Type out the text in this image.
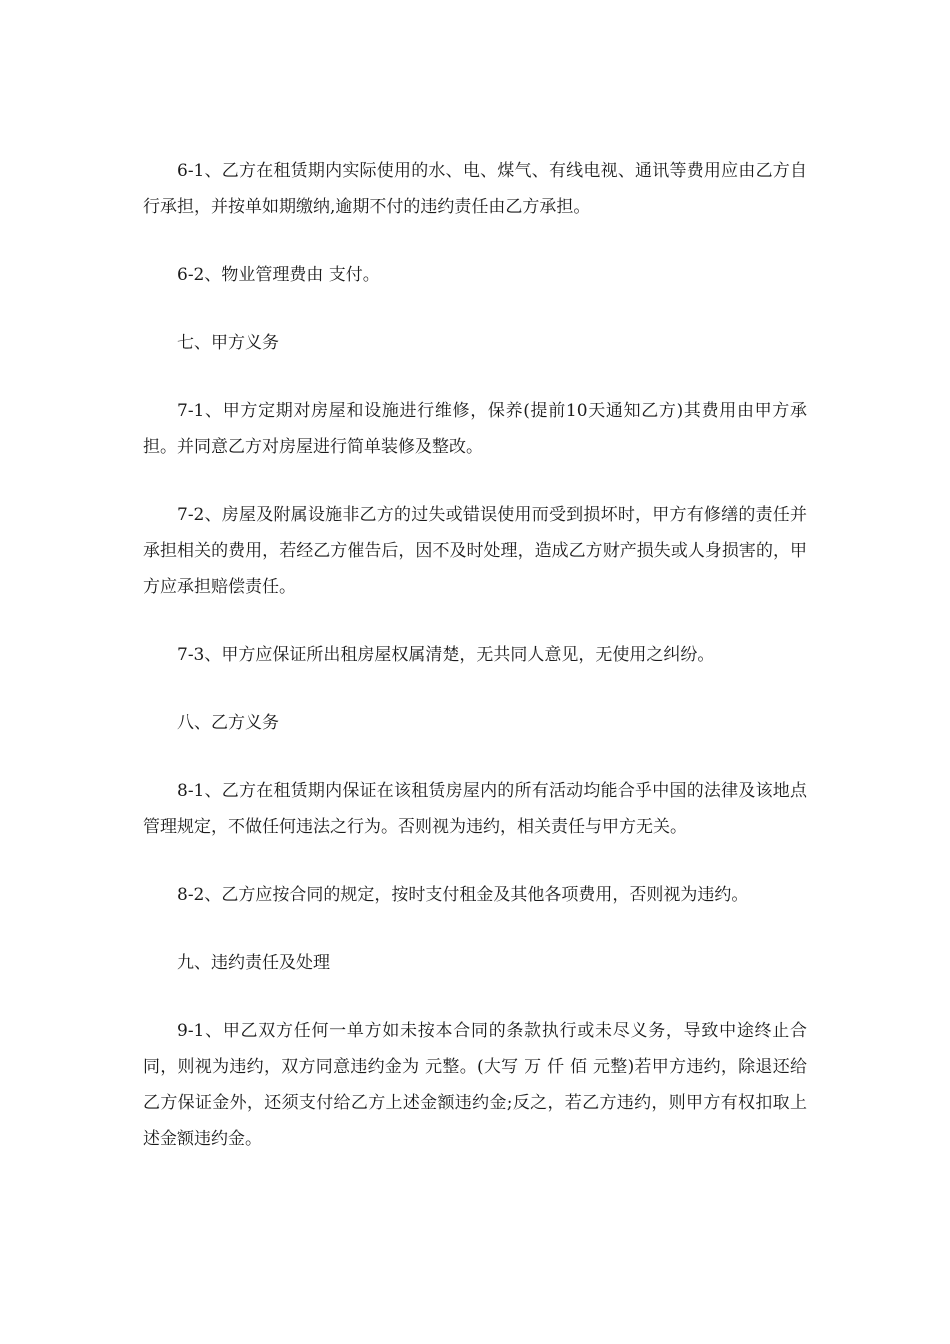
6-1、乙方在租赁期内实际使用的水、电、煤气、有线电视、通讯等费用应由乙方自行承担，并按单如期缴纳,逾期不付的违约责任由乙方承担。

6-2、物业管理费由 支付。

七、甲方义务

7-1、甲方定期对房屋和设施进行维修，保养(提前10天通知乙方)其费用由甲方承担。并同意乙方对房屋进行简单装修及整改。

7-2、房屋及附属设施非乙方的过失或错误使用而受到损坏时，甲方有修缮的责任并承担相关的费用，若经乙方催告后，因不及时处理，造成乙方财产损失或人身损害的，甲方应承担赔偿责任。

7-3、甲方应保证所出租房屋权属清楚，无共同人意见，无使用之纠纷。

八、乙方义务

8-1、乙方在租赁期内保证在该租赁房屋内的所有活动均能合乎中国的法律及该地点管理规定，不做任何违法之行为。否则视为违约，相关责任与甲方无关。

8-2、乙方应按合同的规定，按时支付租金及其他各项费用，否则视为违约。

九、违约责任及处理

9-1、甲乙双方任何一单方如未按本合同的条款执行或未尽义务，导致中途终止合同，则视为违约，双方同意违约金为 元整。(大写 万 仟 佰 元整)若甲方违约，除退还给乙方保证金外，还须支付给乙方上述金额违约金;反之，若乙方违约，则甲方有权扣取上述金额违约金。
